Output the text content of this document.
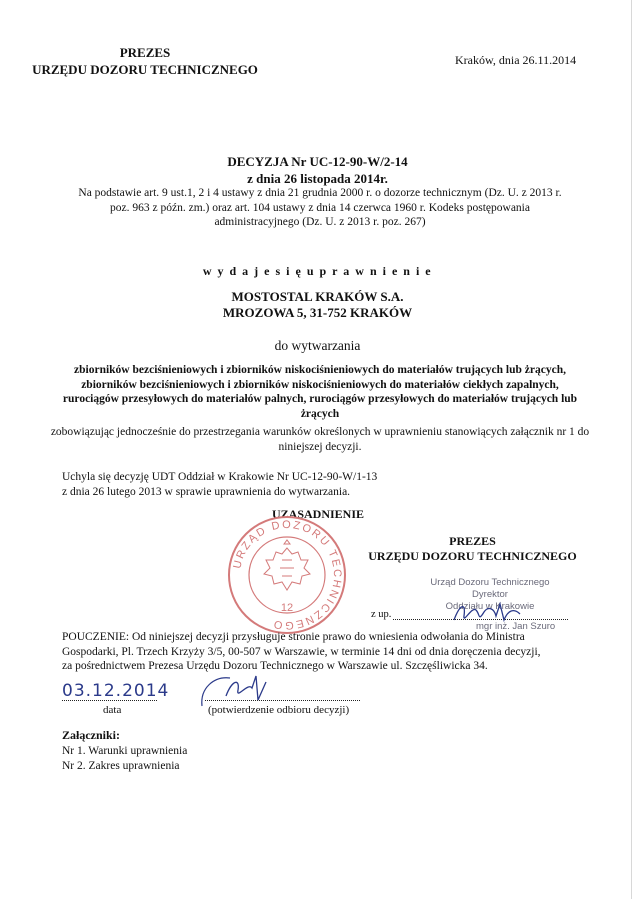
PREZES
URZĘDU DOZORU TECHNICZNEGO
Kraków, dnia 26.11.2014
DECYZJA Nr UC-12-90-W/2-14
z dnia 26 listopada 2014r.
Na podstawie art. 9 ust.1, 2 i 4 ustawy z dnia 21 grudnia 2000 r. o dozorze technicznym (Dz. U. z 2013 r. poz. 963 z późn. zm.) oraz art. 104 ustawy z dnia 14 czerwca 1960 r. Kodeks postępowania administracyjnego (Dz. U. z 2013 r. poz. 267)
w y d a j e s i ę u p r a w n i e n i e
MOSTOSTAL KRAKÓW S.A.
MROZOWA 5, 31-752 KRAKÓW
do wytwarzania
zbiorników bezciśnieniowych i zbiorników niskociśnieniowych do materiałów trujących lub żrących, zbiorników bezciśnieniowych i zbiorników niskociśnieniowych do materiałów ciekłych zapalnych, rurociągów przesyłowych do materiałów palnych, rurociągów przesyłowych do materiałów trujących lub żrących
zobowiązując jednocześnie do przestrzegania warunków określonych w uprawnieniu stanowiących załącznik nr 1 do niniejszej decyzji.
Uchyla się decyzję UDT Oddział w Krakowie Nr UC-12-90-W/1-13
z dnia 26 lutego 2013 w sprawie uprawnienia do wytwarzania.
UZASADNIENIE
URZĄD DOZORU TECHNICZNEGO
12
PREZES
URZĘDU DOZORU TECHNICZNEGO
Urząd Dozoru Technicznego
Dyrektor
Oddziału w Krakowie
z up.
mgr inż. Jan Szuro
POUCZENIE: Od niniejszej decyzji przysługuje stronie prawo do wniesienia odwołania do Ministra Gospodarki, Pl. Trzech Krzyży 3/5, 00-507 w Warszawie, w terminie 14 dni od dnia doręczenia decyzji, za pośrednictwem Prezesa Urzędu Dozoru Technicznego w Warszawie ul. Szczęśliwicka 34.
03.12.2014
data	(potwierdzenie odbioru decyzji)
Załączniki:
Nr 1. Warunki uprawnienia
Nr 2. Zakres uprawnienia
